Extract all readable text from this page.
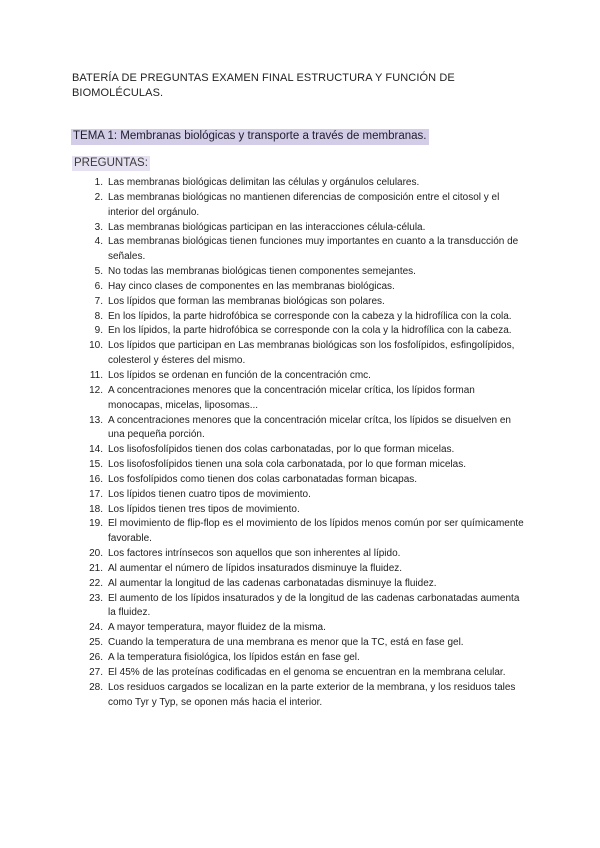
BATERÍA DE PREGUNTAS EXAMEN FINAL ESTRUCTURA Y FUNCIÓN DE BIOMOLÉCULAS.
TEMA 1: Membranas biológicas y transporte a través de membranas.
PREGUNTAS:
1. Las membranas biológicas delimitan las células y orgánulos celulares.
2. Las membranas biológicas no mantienen diferencias de composición entre el citosol y el interior del orgánulo.
3. Las membranas biológicas participan en las interacciones célula-célula.
4. Las membranas biológicas tienen funciones muy importantes en cuanto a la transducción de señales.
5. No todas las membranas biológicas tienen componentes semejantes.
6. Hay cinco clases de componentes en las membranas biológicas.
7. Los lípidos que forman las membranas biológicas son polares.
8. En los lípidos, la parte hidrofóbica se corresponde con la cabeza y la hidrofílica con la cola.
9. En los lípidos, la parte hidrofóbica se corresponde con la cola y la hidrofílica con la cabeza.
10. Los lípidos que participan en Las membranas biológicas son los fosfolípidos, esfingolípidos, colesterol y ésteres del mismo.
11. Los lípidos se ordenan en función de la concentración cmc.
12. A concentraciones menores que la concentración micelar crítica, los lípidos forman monocapas, micelas, liposomas...
13. A concentraciones menores que la concentración micelar crítca, los lípidos se disuelven en una pequeña porción.
14. Los lisofosfolípidos tienen dos colas carbonatadas, por lo que forman micelas.
15. Los lisofosfolípidos tienen una sola cola carbonatada, por lo que forman micelas.
16. Los fosfolípidos como tienen dos colas carbonatadas forman bicapas.
17. Los lípidos tienen cuatro tipos de movimiento.
18. Los lípidos tienen tres tipos de movimiento.
19. El movimiento de flip-flop es el movimiento de los lípidos menos común por ser químicamente favorable.
20. Los factores intrínsecos son aquellos que son inherentes al lípido.
21. Al aumentar el número de lípidos insaturados disminuye la fluidez.
22. Al aumentar la longitud de las cadenas carbonatadas disminuye la fluidez.
23. El aumento de los lípidos insaturados y de la longitud de las cadenas carbonatadas aumenta la fluidez.
24. A mayor temperatura, mayor fluidez de la misma.
25. Cuando la temperatura de una membrana es menor que la TC, está en fase gel.
26. A la temperatura fisiológica, los lípidos están en fase gel.
27. El 45% de las proteínas codificadas en el genoma se encuentran en la membrana celular.
28. Los residuos cargados se localizan en la parte exterior de la membrana, y los residuos tales como Tyr y Typ, se oponen más hacia el interior.
